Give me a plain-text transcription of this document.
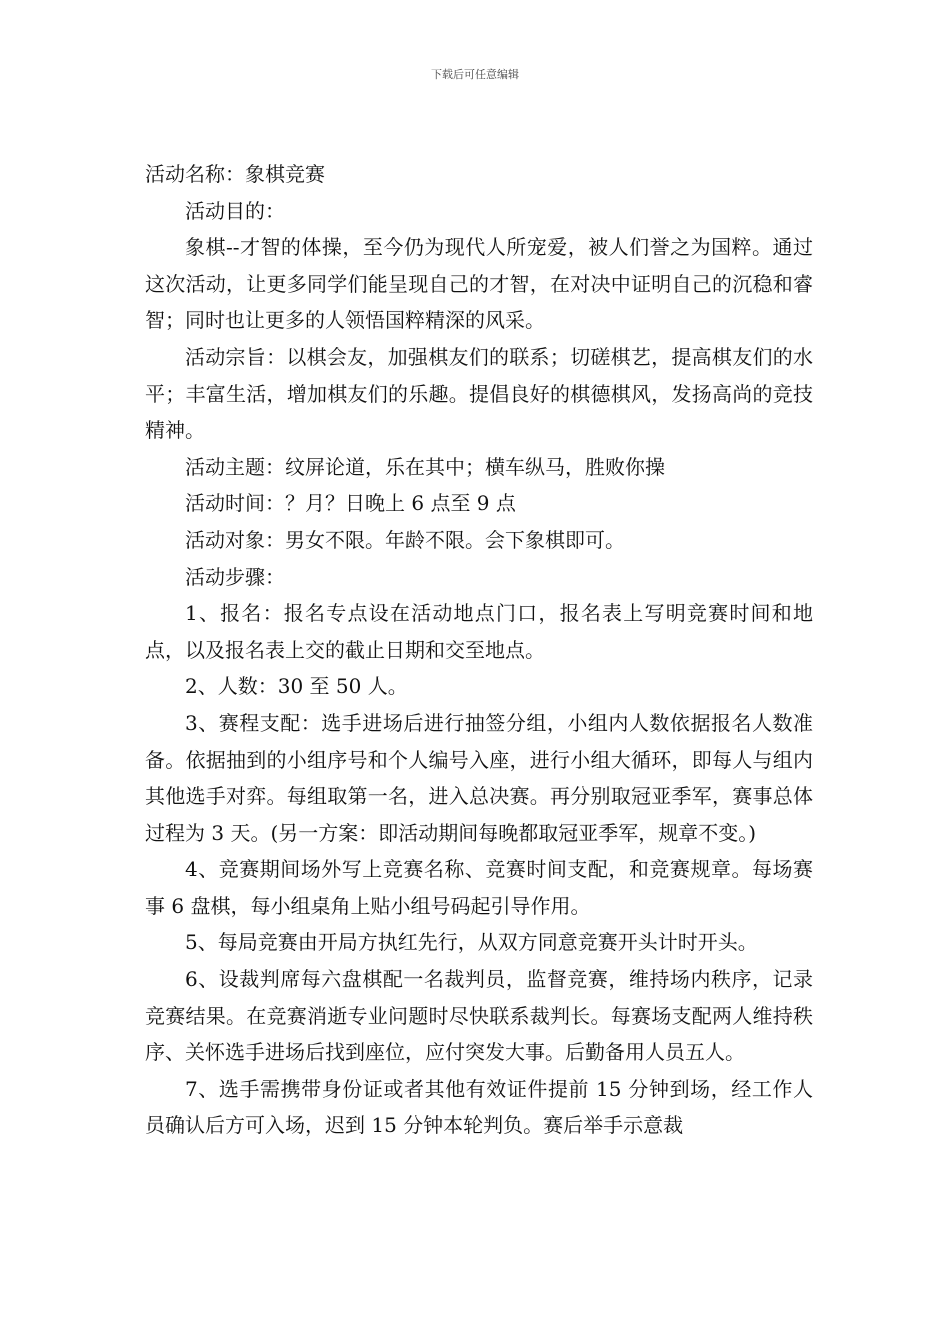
下载后可任意编辑

活动名称：象棋竞赛

活动目的：

象棋--才智的体操，至今仍为现代人所宠爱，被人们誉之为国粹。通过这次活动，让更多同学们能呈现自己的才智，在对决中证明自己的沉稳和睿智；同时也让更多的人领悟国粹精深的风采。

活动宗旨：以棋会友，加强棋友们的联系；切磋棋艺，提高棋友们的水平；丰富生活，增加棋友们的乐趣。提倡良好的棋德棋风，发扬高尚的竞技精神。

活动主题：纹屏论道，乐在其中；横车纵马，胜败你操

活动时间：？月？日晚上 6 点至 9 点

活动对象：男女不限。年龄不限。会下象棋即可。

活动步骤：

1、报名：报名专点设在活动地点门口，报名表上写明竞赛时间和地点，以及报名表上交的截止日期和交至地点。

2、人数：30 至 50 人。

3、赛程支配：选手进场后进行抽签分组，小组内人数依据报名人数准备。依据抽到的小组序号和个人编号入座，进行小组大循环，即每人与组内其他选手对弈。每组取第一名，进入总决赛。再分别取冠亚季军，赛事总体过程为 3 天。(另一方案：即活动期间每晚都取冠亚季军，规章不变。)

4、竞赛期间场外写上竞赛名称、竞赛时间支配，和竞赛规章。每场赛事 6 盘棋，每小组桌角上贴小组号码起引导作用。

5、每局竞赛由开局方执红先行，从双方同意竞赛开头计时开头。

6、设裁判席每六盘棋配一名裁判员，监督竞赛，维持场内秩序，记录竞赛结果。在竞赛消逝专业问题时尽快联系裁判长。每赛场支配两人维持秩序、关怀选手进场后找到座位，应付突发大事。后勤备用人员五人。

7、选手需携带身份证或者其他有效证件提前 15 分钟到场，经工作人员确认后方可入场，迟到 15 分钟本轮判负。赛后举手示意裁
